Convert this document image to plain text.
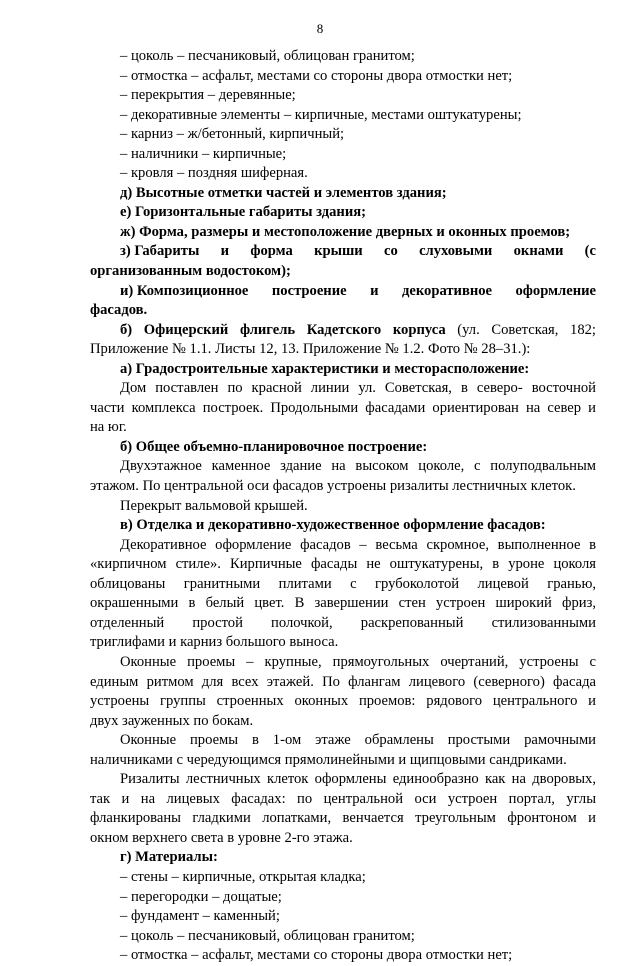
8
– цоколь – песчаниковый, облицован гранитом;
– отмостка – асфальт, местами со стороны двора отмостки нет;
– перекрытия – деревянные;
– декоративные элементы – кирпичные, местами оштукатурены;
– карниз – ж/бетонный, кирпичный;
– наличники – кирпичные;
– кровля – поздняя шиферная.
д) Высотные отметки частей и элементов здания;
е) Горизонтальные габариты здания;
ж) Форма, размеры и местоположение дверных и оконных проемов;
з) Габариты и форма крыши со слуховыми окнами (с
организованным водостоком);
и) Композиционное построение и декоративное оформление
фасадов.
б) Офицерский флигель Кадетского корпуса (ул. Советская, 182;
Приложение № 1.1. Листы 12, 13. Приложение № 1.2. Фото № 28–31.):
а) Градостроительные характеристики и месторасположение:
Дом поставлен по красной линии ул. Советская, в северо- восточной
части комплекса построек. Продольными фасадами ориентирован на север и
на юг.
б) Общее объемно-планировочное построение:
Двухэтажное каменное здание на высоком цоколе, с полуподвальным
этажом. По центральной оси фасадов устроены ризалиты лестничных клеток.
Перекрыт вальмовой крышей.
в) Отделка и декоративно-художественное оформление фасадов:
Декоративное оформление фасадов – весьма скромное, выполненное в
«кирпичном стиле». Кирпичные фасады не оштукатурены, в уроне цоколя
облицованы гранитными плитами с грубоколотой лицевой гранью,
окрашенными в белый цвет. В завершении стен устроен широкий фриз,
отделенный простой полочкой, раскрепованный стилизованными
триглифами и карниз большого выноса.
Оконные проемы – крупные, прямоугольных очертаний, устроены с
единым ритмом для всех этажей. По флангам лицевого (северного) фасада
устроены группы строенных оконных проемов: рядового центрального и
двух зауженных по бокам.
Оконные проемы в 1-ом этаже обрамлены простыми рамочными
наличниками с чередующимся прямолинейными и щипцовыми сандриками.
Ризалиты лестничных клеток оформлены единообразно как на дворовых,
так и на лицевых фасадах: по центральной оси устроен портал, углы
фланкированы гладкими лопатками, венчается треугольным фронтоном и
окном верхнего света в уровне 2-го этажа.
г) Материалы:
– стены – кирпичные, открытая кладка;
– перегородки – дощатые;
– фундамент – каменный;
– цоколь – песчаниковый, облицован гранитом;
– отмостка – асфальт, местами со стороны двора отмостки нет;
